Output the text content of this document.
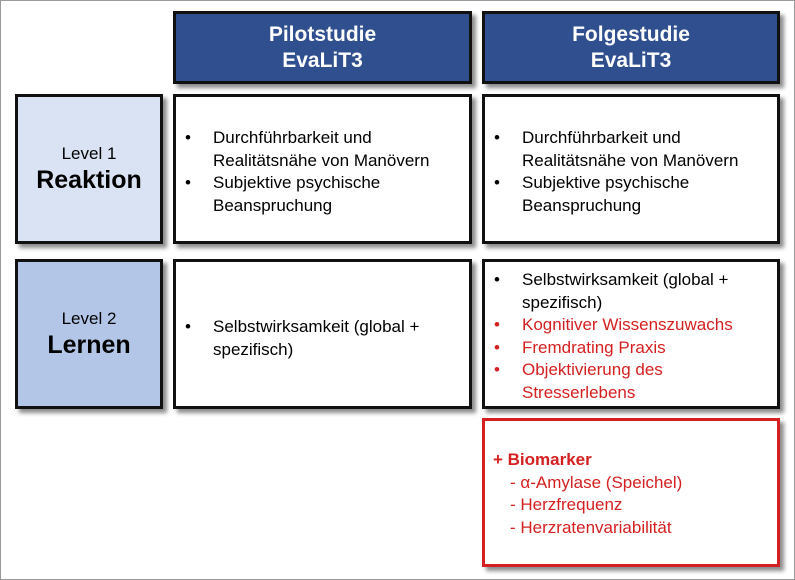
Pilotstudie
EvaLiT3
Folgestudie
EvaLiT3
Level 1
Reaktion
Level 2
Lernen
• Durchführbarkeit und
Realitätsnähe von Manövern
• Subjektive psychische
Beanspruchung
• Durchführbarkeit und
Realitätsnähe von Manövern
• Subjektive psychische
Beanspruchung
• Selbstwirksamkeit (global +
spezifisch)
• Selbstwirksamkeit (global +
spezifisch)
• Kognitiver Wissenszuwachs
• Fremdrating Praxis
• Objektivierung des
Stresserlebens
+ Biomarker
- α-Amylase (Speichel)
- Herzfrequenz
- Herzratenvariabilität
